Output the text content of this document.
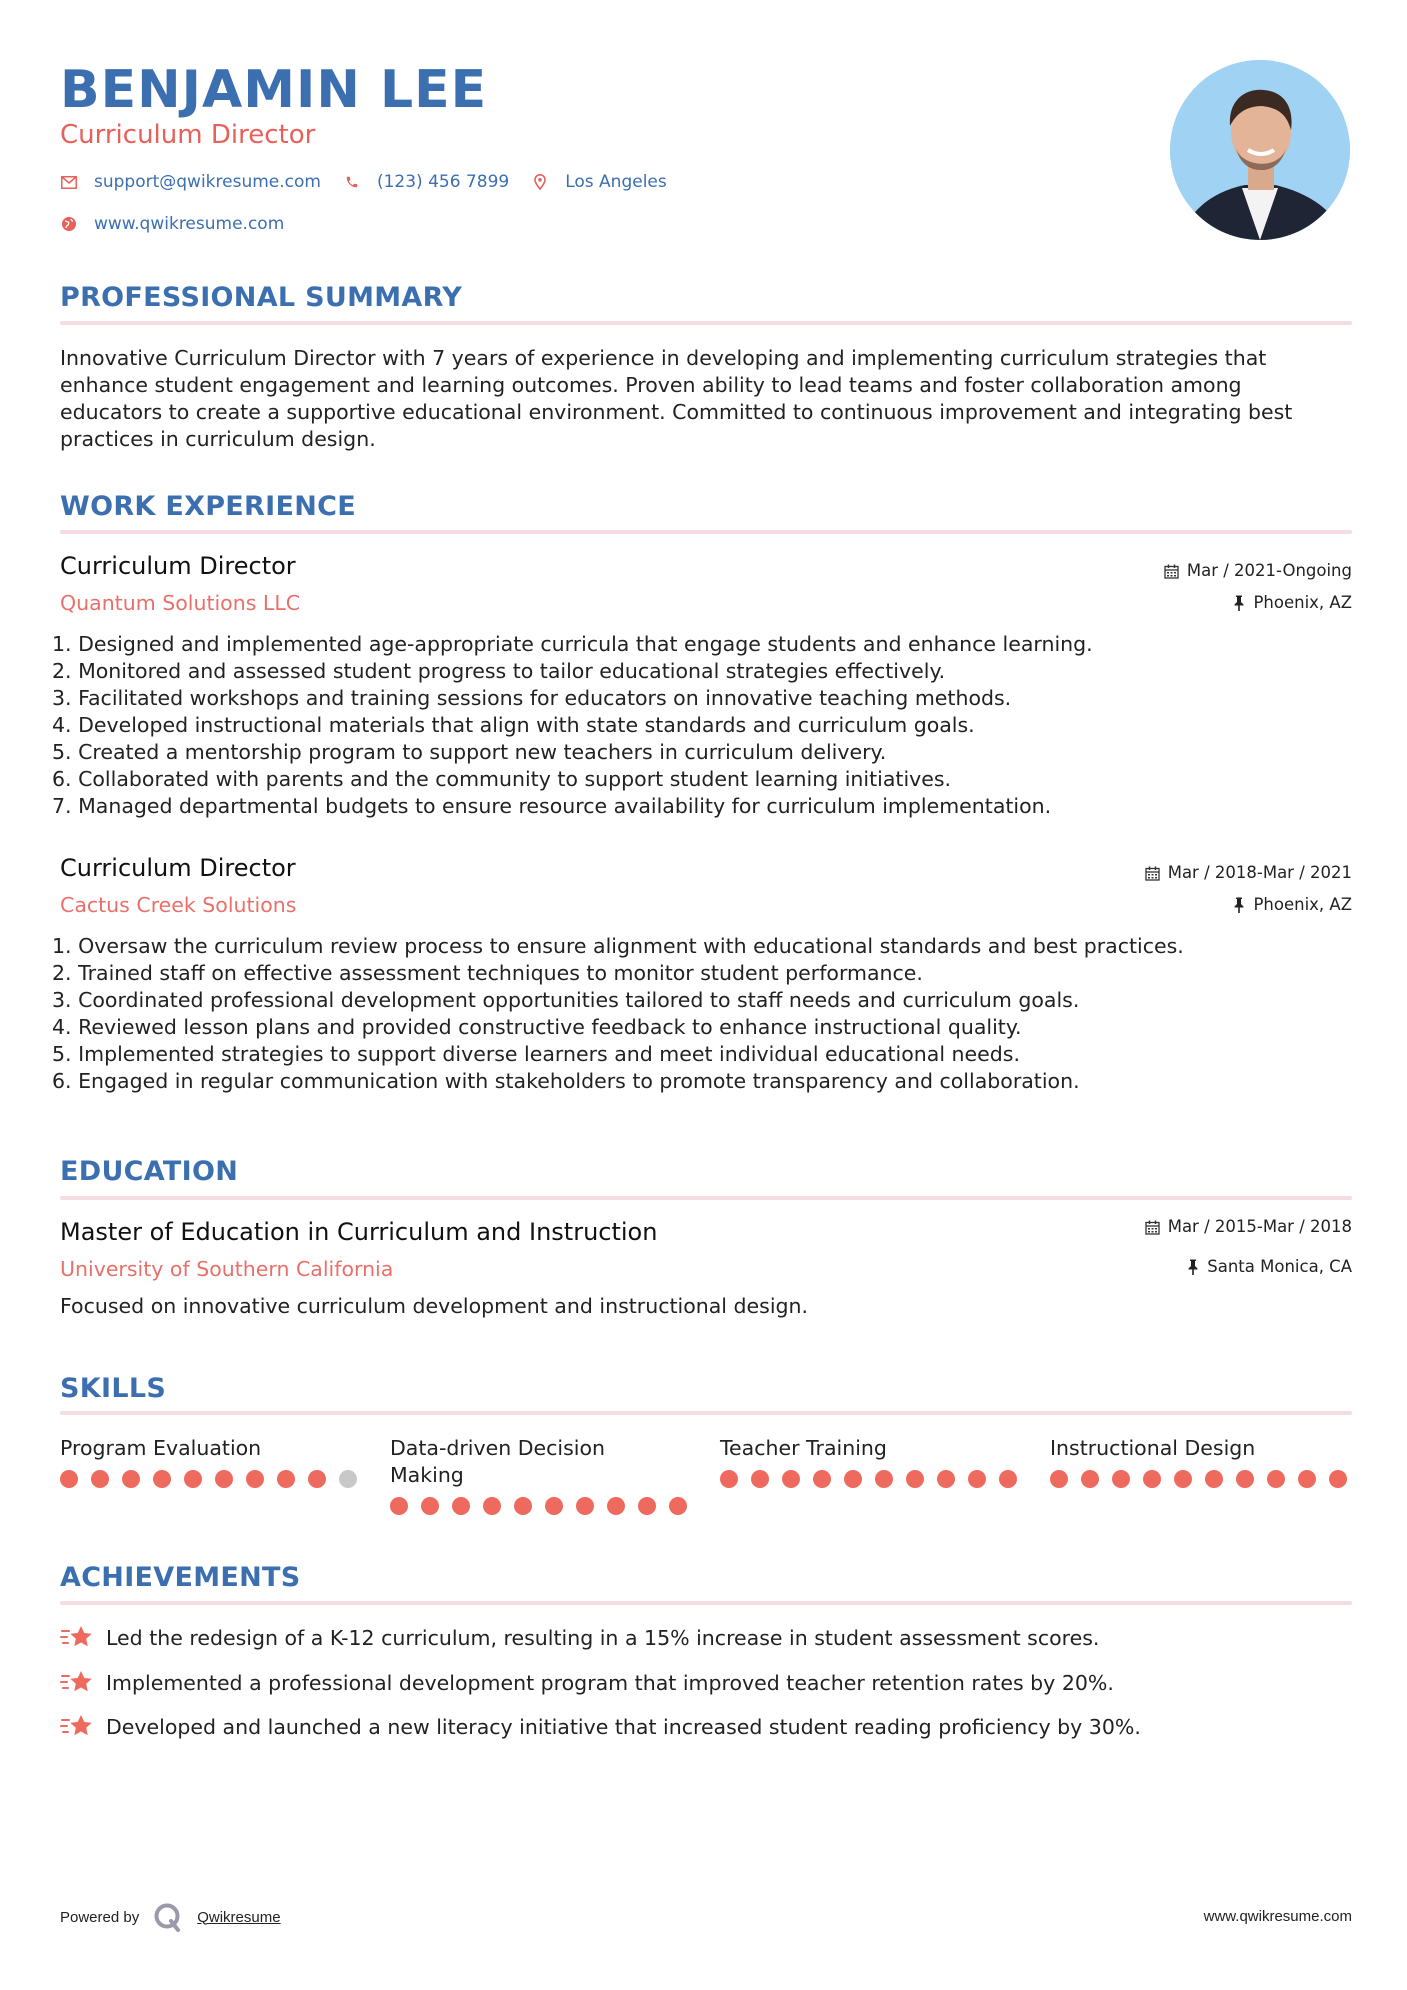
BENJAMIN LEE
Curriculum Director
support@qwikresume.com	(123) 456 7899	Los Angeles
www.qwikresume.com
PROFESSIONAL SUMMARY
Innovative Curriculum Director with 7 years of experience in developing and implementing curriculum strategies that enhance student engagement and learning outcomes. Proven ability to lead teams and foster collaboration among educators to create a supportive educational environment. Committed to continuous improvement and integrating best practices in curriculum design.
WORK EXPERIENCE
Curriculum Director
Quantum Solutions LLC
Mar / 2021-Ongoing
Phoenix, AZ
1. Designed and implemented age-appropriate curricula that engage students and enhance learning.
2. Monitored and assessed student progress to tailor educational strategies effectively.
3. Facilitated workshops and training sessions for educators on innovative teaching methods.
4. Developed instructional materials that align with state standards and curriculum goals.
5. Created a mentorship program to support new teachers in curriculum delivery.
6. Collaborated with parents and the community to support student learning initiatives.
7. Managed departmental budgets to ensure resource availability for curriculum implementation.
Curriculum Director
Cactus Creek Solutions
Mar / 2018-Mar / 2021
Phoenix, AZ
1. Oversaw the curriculum review process to ensure alignment with educational standards and best practices.
2. Trained staff on effective assessment techniques to monitor student performance.
3. Coordinated professional development opportunities tailored to staff needs and curriculum goals.
4. Reviewed lesson plans and provided constructive feedback to enhance instructional quality.
5. Implemented strategies to support diverse learners and meet individual educational needs.
6. Engaged in regular communication with stakeholders to promote transparency and collaboration.
EDUCATION
Master of Education in Curriculum and Instruction
University of Southern California
Mar / 2015-Mar / 2018
Santa Monica, CA
Focused on innovative curriculum development and instructional design.
SKILLS
Program Evaluation	Data-driven Decision Making
Teacher Training	Instructional Design
ACHIEVEMENTS
Led the redesign of a K-12 curriculum, resulting in a 15% increase in student assessment scores.
Implemented a professional development program that improved teacher retention rates by 20%.
Developed and launched a new literacy initiative that increased student reading proficiency by 30%.
Powered by	Qwikresume	www.qwikresume.com
